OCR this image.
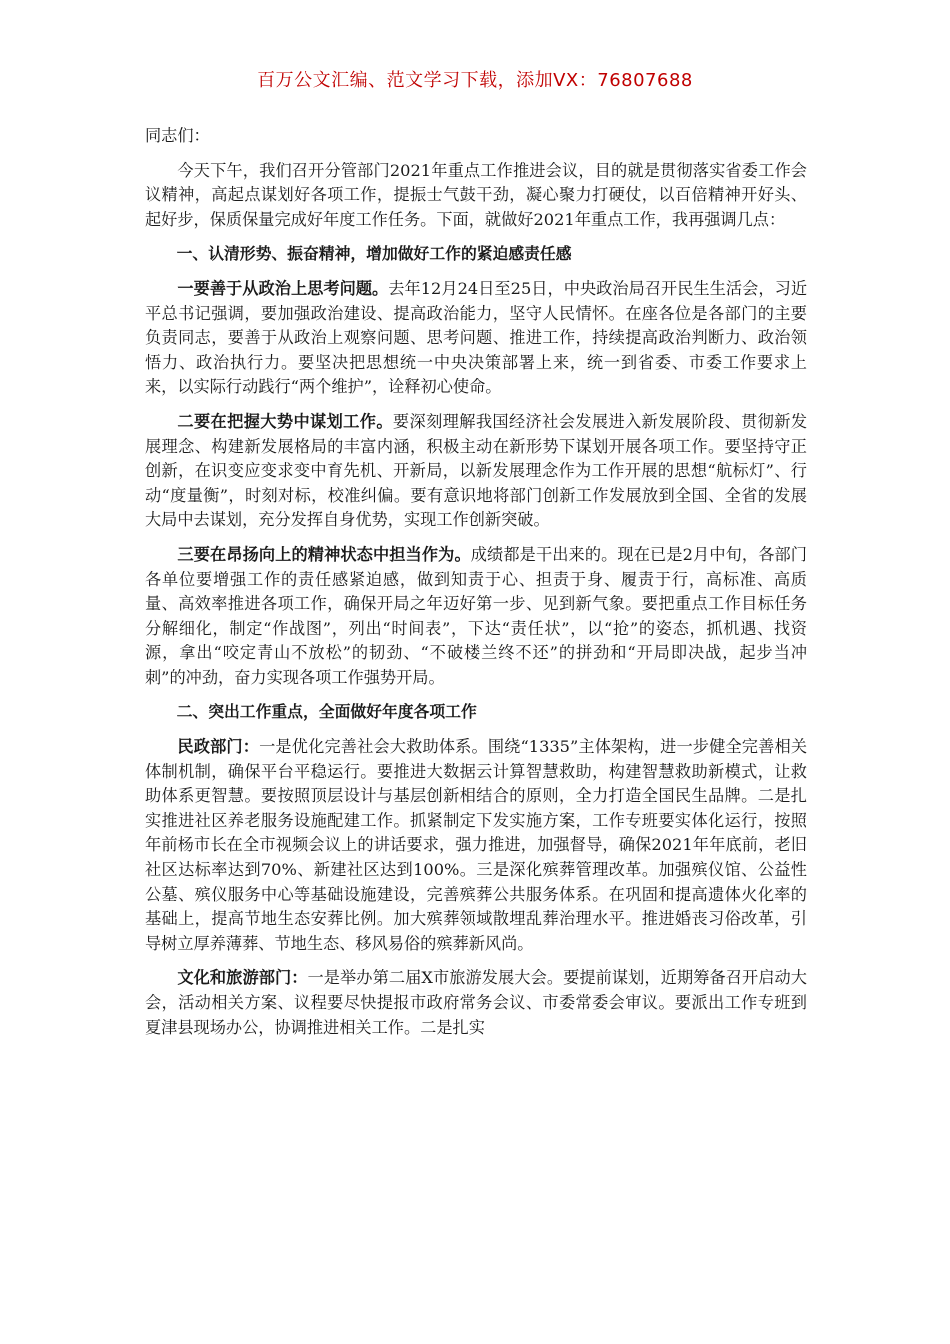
百万公文汇编、范文学习下载，添加VX：76807688

同志们：

今天下午，我们召开分管部门2021年重点工作推进会议，目的就是贯彻落实省委工作会议精神，高起点谋划好各项工作，提振士气鼓干劲，凝心聚力打硬仗，以百倍精神开好头、起好步，保质保量完成好年度工作任务。下面，就做好2021年重点工作，我再强调几点：

一、认清形势、振奋精神，增加做好工作的紧迫感责任感

一要善于从政治上思考问题。去年12月24日至25日，中央政治局召开民生生活会，习近平总书记强调，要加强政治建设、提高政治能力，坚守人民情怀。在座各位是各部门的主要负责同志，要善于从政治上观察问题、思考问题、推进工作，持续提高政治判断力、政治领悟力、政治执行力。要坚决把思想统一中央决策部署上来，统一到省委、市委工作要求上来，以实际行动践行“两个维护”，诠释初心使命。

二要在把握大势中谋划工作。要深刻理解我国经济社会发展进入新发展阶段、贯彻新发展理念、构建新发展格局的丰富内涵，积极主动在新形势下谋划开展各项工作。要坚持守正创新，在识变应变求变中育先机、开新局，以新发展理念作为工作开展的思想“航标灯”、行动“度量衡”，时刻对标，校准纠偏。要有意识地将部门创新工作发展放到全国、全省的发展大局中去谋划，充分发挥自身优势，实现工作创新突破。

三要在昂扬向上的精神状态中担当作为。成绩都是干出来的。现在已是2月中旬，各部门各单位要增强工作的责任感紧迫感，做到知责于心、担责于身、履责于行，高标准、高质量、高效率推进各项工作，确保开局之年迈好第一步、见到新气象。要把重点工作目标任务分解细化，制定“作战图”，列出“时间表”，下达“责任状”，以“抢”的姿态，抓机遇、找资源，拿出“咬定青山不放松”的韧劲、“不破楼兰终不还”的拼劲和“开局即决战，起步当冲刺”的冲劲，奋力实现各项工作强势开局。

二、突出工作重点，全面做好年度各项工作

民政部门：一是优化完善社会大救助体系。围绕“1335”主体架构，进一步健全完善相关体制机制，确保平台平稳运行。要推进大数据云计算智慧救助，构建智慧救助新模式，让救助体系更智慧。要按照顶层设计与基层创新相结合的原则，全力打造全国民生品牌。二是扎实推进社区养老服务设施配建工作。抓紧制定下发实施方案，工作专班要实体化运行，按照年前杨市长在全市视频会议上的讲话要求，强力推进，加强督导，确保2021年年底前，老旧社区达标率达到70%、新建社区达到100%。三是深化殡葬管理改革。加强殡仪馆、公益性公墓、殡仪服务中心等基础设施建设，完善殡葬公共服务体系。在巩固和提高遗体火化率的基础上，提高节地生态安葬比例。加大殡葬领域散埋乱葬治理水平。推进婚丧习俗改革，引导树立厚养薄葬、节地生态、移风易俗的殡葬新风尚。

文化和旅游部门：一是举办第二届X市旅游发展大会。要提前谋划，近期筹备召开启动大会，活动相关方案、议程要尽快提报市政府常务会议、市委常委会审议。要派出工作专班到夏津县现场办公，协调推进相关工作。二是扎实
